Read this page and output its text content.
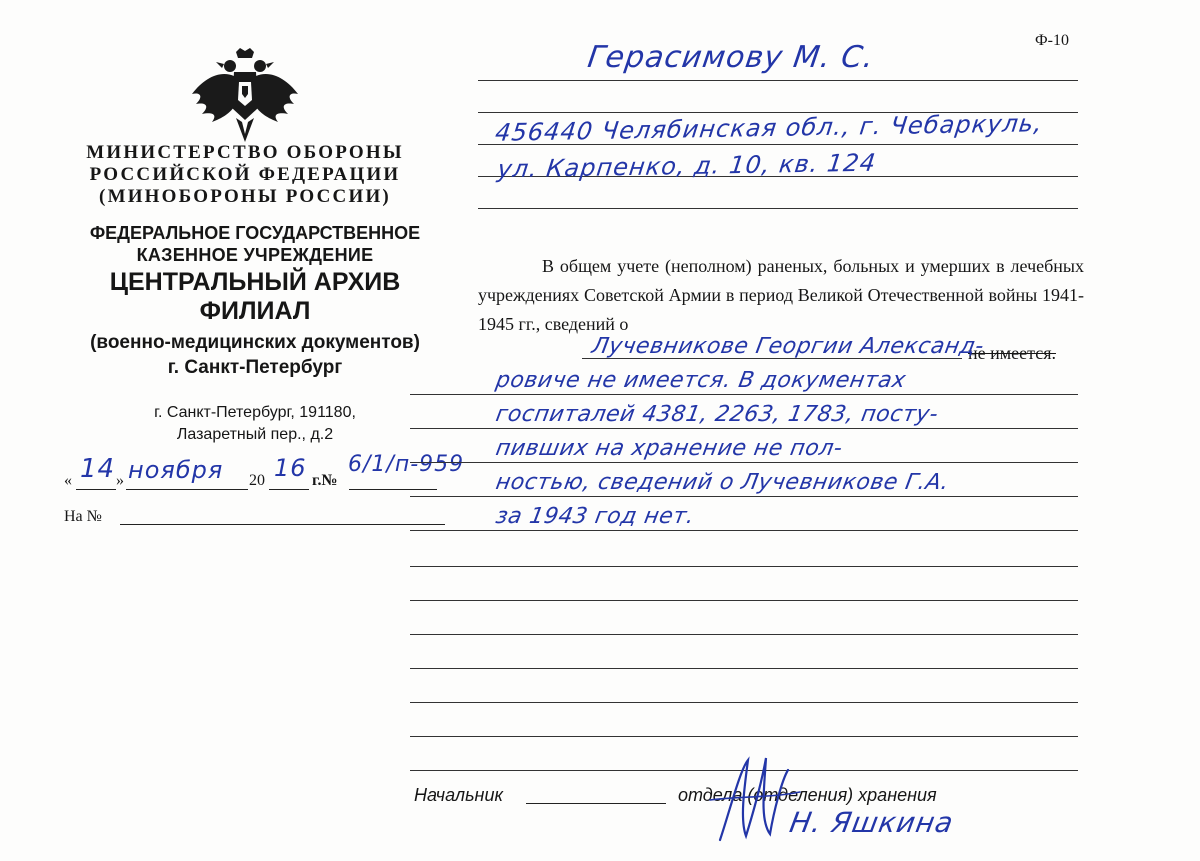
Ф-10
МИНИСТЕРСТВО ОБОРОНЫ
РОССИЙСКОЙ ФЕДЕРАЦИИ
(МИНОБОРОНЫ РОССИИ)
ФЕДЕРАЛЬНОЕ ГОСУДАРСТВЕННОЕ
КАЗЕННОЕ УЧРЕЖДЕНИЕ
ЦЕНТРАЛЬНЫЙ АРХИВ
ФИЛИАЛ
(военно-медицинских документов)
г. Санкт-Петербург
г. Санкт-Петербург, 191180,
Лазаретный пер., д.2
« 14 » ноября 20 16 г.№
6/1/п-959
На №
Герасимову М. С.
456440 Челябинская обл., г. Чебаркуль,
ул. Карпенко, д. 10, кв. 124
В общем учете (неполном) раненых, больных и умерших в лечебных учреждениях Советской Армии в период Великой Отечественной войны 1941-1945 гг., сведений о
не имеется.
Лучевникове Георгии Александ-
ровиче не имеется. В документах
госпиталей 4381, 2263, 1783, посту-
пивших на хранение не пол-
ностью, сведений о Лучевникове Г.А.
за 1943 год нет.
Начальник	отдела (отделения) хранения
Н. Яшкина
